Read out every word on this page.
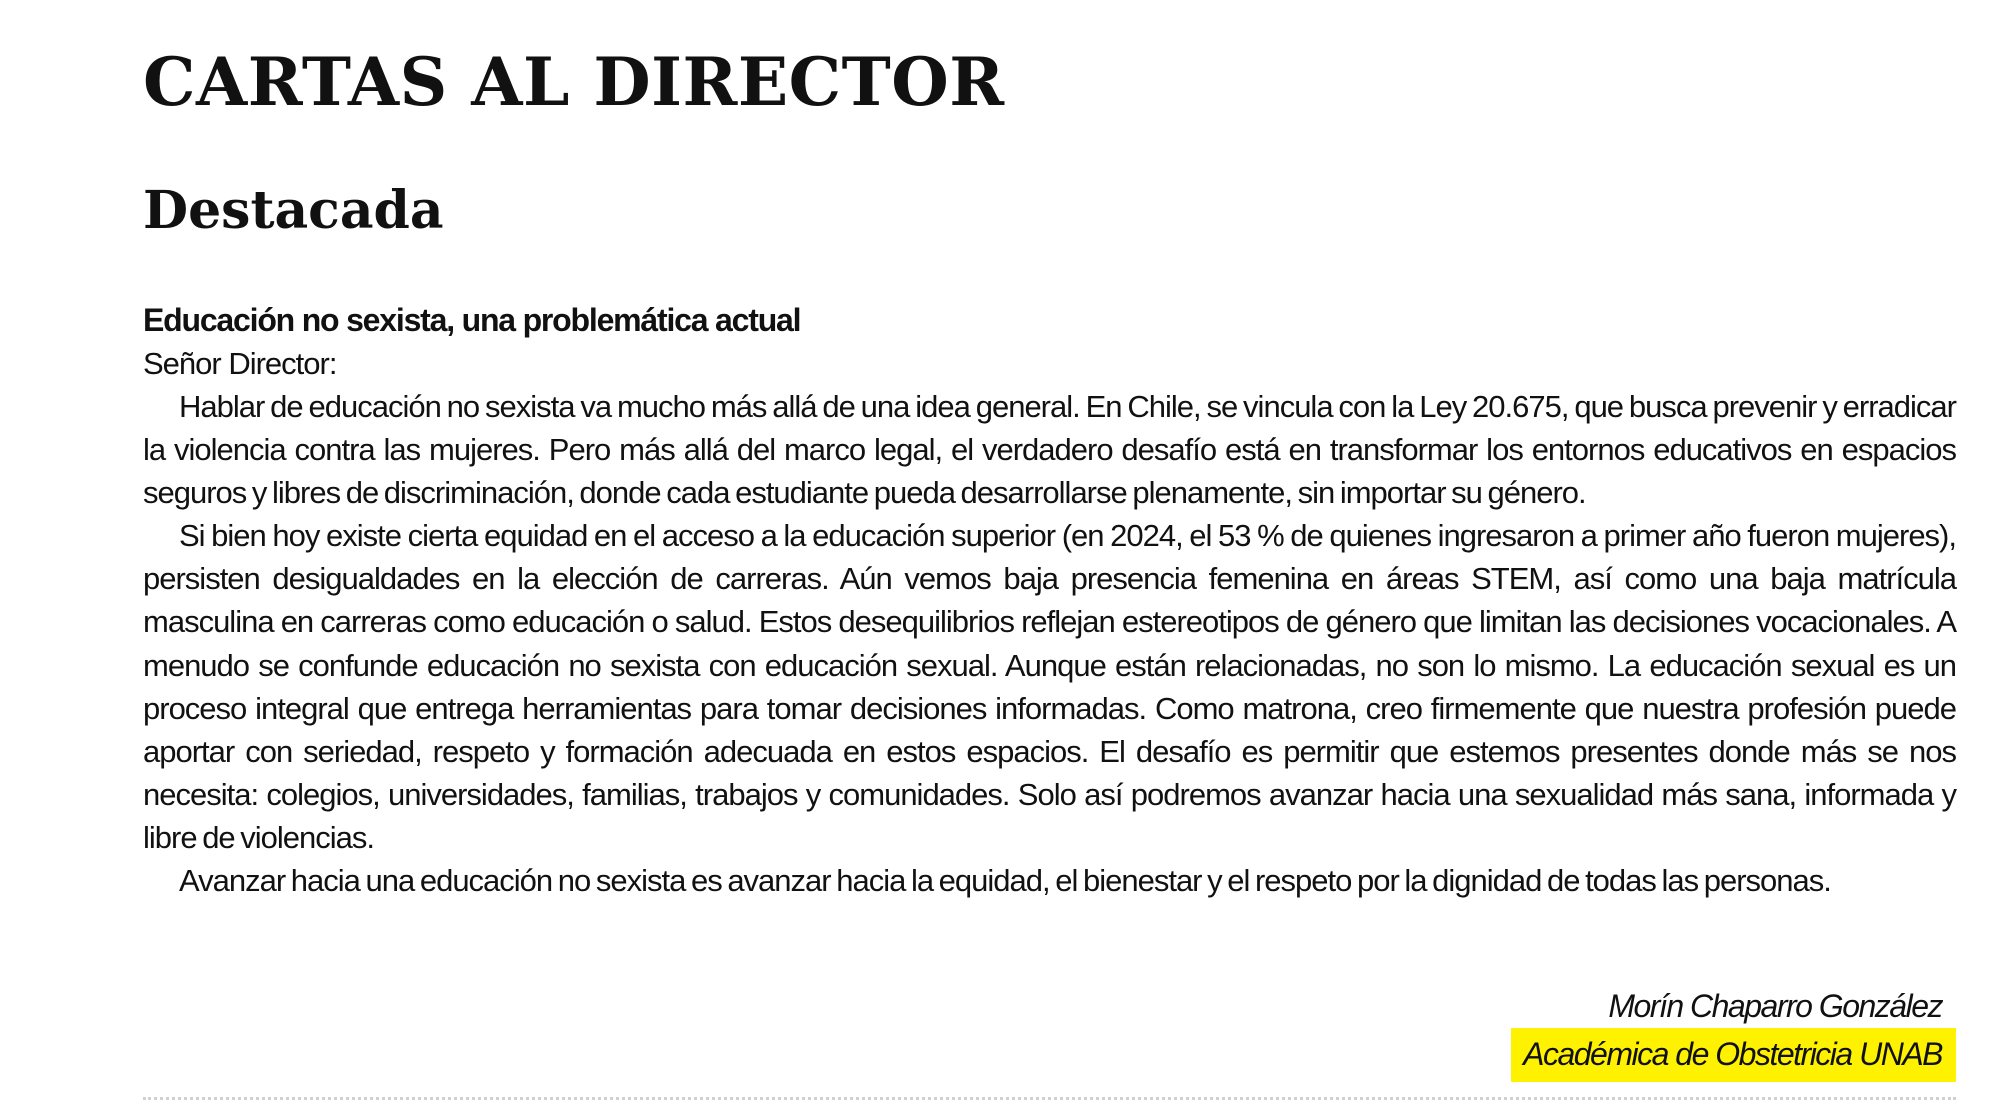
CARTAS AL DIRECTOR
Destacada
Educación no sexista, una problemática actual

Señor Director:

Hablar de educación no sexista va mucho más allá de una idea general. En Chile, se vincula con la Ley 20.675, que busca prevenir y erradicar la violencia contra las mujeres. Pero más allá del marco legal, el verdadero desafío está en transformar los entornos educativos en espacios seguros y libres de discriminación, donde cada estudiante pueda desarrollarse plenamente, sin importar su género.

Si bien hoy existe cierta equidad en el acceso a la educación superior (en 2024, el 53 % de quienes ingresaron a primer año fueron mujeres), persisten desigualdades en la elección de carreras. Aún vemos baja presencia femenina en áreas STEM, así como una baja matrícula masculina en carreras como educación o salud. Estos desequilibrios reflejan estereotipos de género que limitan las decisiones vocacionales. A menudo se confunde educación no sexista con educación sexual. Aunque están relacionadas, no son lo mismo. La educación sexual es un proceso integral que entrega herramientas para tomar decisiones informadas. Como matrona, creo firmemente que nuestra profesión puede aportar con seriedad, respeto y formación adecuada en estos espacios. El desafío es permitir que estemos presentes donde más se nos necesita: colegios, universidades, familias, trabajos y comunidades. Solo así podremos avanzar hacia una sexualidad más sana, informada y libre de violencias.

Avanzar hacia una educación no sexista es avanzar hacia la equidad, el bienestar y el respeto por la dignidad de todas las personas.

Morín Chaparro González
Académica de Obstetricia UNAB
